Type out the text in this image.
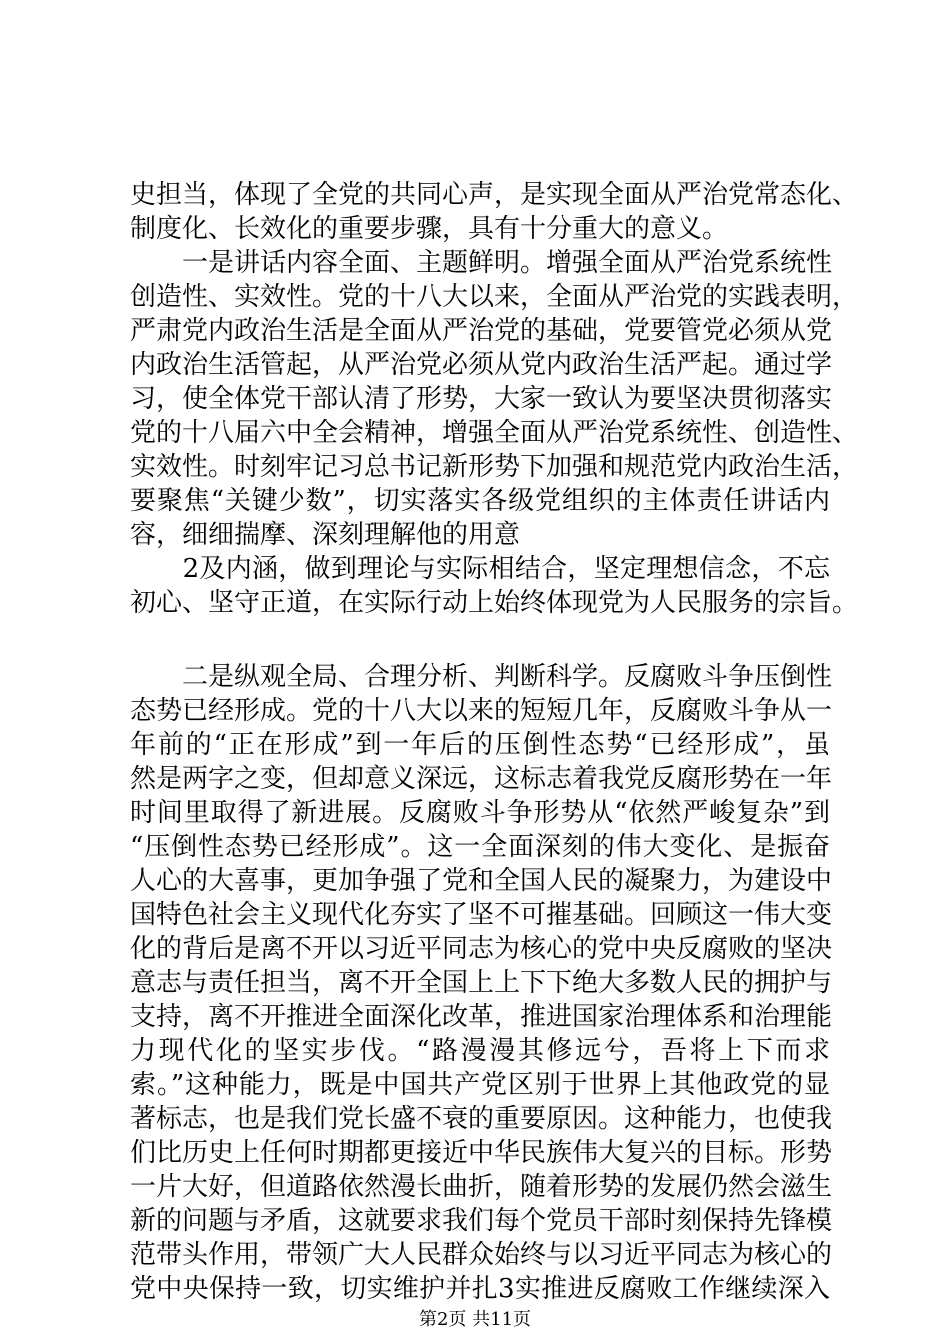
史担当，体现了全党的共同心声，是实现全面从严治党常态化、
制度化、长效化的重要步骤，具有十分重大的意义。
　　一是讲话内容全面、主题鲜明。增强全面从严治党系统性
创造性、实效性。党的十八大以来，全面从严治党的实践表明，
严肃党内政治生活是全面从严治党的基础，党要管党必须从党
内政治生活管起，从严治党必须从党内政治生活严起。通过学
习，使全体党干部认清了形势，大家一致认为要坚决贯彻落实
党的十八届六中全会精神，增强全面从严治党系统性、创造性、
实效性。时刻牢记习总书记新形势下加强和规范党内政治生活，
要聚焦“关键少数”，切实落实各级党组织的主体责任讲话内
容，细细揣摩、深刻理解他的用意
　　2及内涵，做到理论与实际相结合，坚定理想信念，不忘
初心、坚守正道，在实际行动上始终体现党为人民服务的宗旨。
　　二是纵观全局、合理分析、判断科学。反腐败斗争压倒性
态势已经形成。党的十八大以来的短短几年，反腐败斗争从一
年前的“正在形成”到一年后的压倒性态势“已经形成”，虽
然是两字之变，但却意义深远，这标志着我党反腐形势在一年
时间里取得了新进展。反腐败斗争形势从“依然严峻复杂”到
“压倒性态势已经形成”。这一全面深刻的伟大变化、是振奋
人心的大喜事，更加争强了党和全国人民的凝聚力，为建设中
国特色社会主义现代化夯实了坚不可摧基础。回顾这一伟大变
化的背后是离不开以习近平同志为核心的党中央反腐败的坚决
意志与责任担当，离不开全国上上下下绝大多数人民的拥护与
支持，离不开推进全面深化改革，推进国家治理体系和治理能
力现代化的坚实步伐。“路漫漫其修远兮，吾将上下而求
索。”这种能力，既是中国共产党区别于世界上其他政党的显
著标志，也是我们党长盛不衰的重要原因。这种能力，也使我
们比历史上任何时期都更接近中华民族伟大复兴的目标。形势
一片大好，但道路依然漫长曲折，随着形势的发展仍然会滋生
新的问题与矛盾，这就要求我们每个党员干部时刻保持先锋模
范带头作用，带领广大人民群众始终与以习近平同志为核心的
党中央保持一致，切实维护并扎3实推进反腐败工作继续深入
第2页 共11页
